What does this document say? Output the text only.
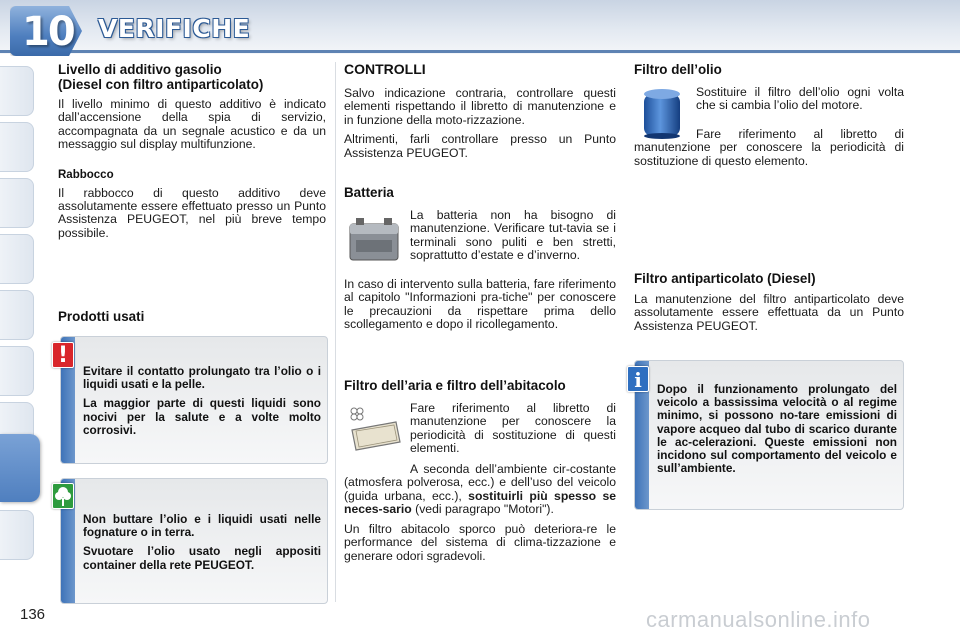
10 VERIFICHE
Livello di additivo gasolio
(Diesel con filtro antiparticolato)
Il livello minimo di questo additivo è indicato dall’accensione della spia di servizio, accompagnata da un segnale acustico e da un messaggio sul display multifunzione.
Rabbocco
Il rabbocco di questo additivo deve assolutamente essere effettuato presso un Punto Assistenza PEUGEOT, nel più breve tempo possibile.
Prodotti usati

Evitare il contatto prolungato tra l’olio o i liquidi usati e la pelle.

La maggior parte di questi liquidi sono nocivi per la salute e a volte molto corrosivi.

!

Non buttare l’olio e i liquidi usati nelle fognature o in terra.

Svuotare l’olio usato negli appositi container della rete PEUGEOT.

CONTROLLI
Salvo indicazione contraria, controllare questi elementi rispettando il libretto di manutenzione e in funzione della moto-rizzazione.
Altrimenti, farli controllare presso un Punto Assistenza PEUGEOT.
Batteria
La batteria non ha bisogno di manutenzione. Verificare tut-tavia se i terminali sono puliti e ben stretti, soprattutto d’estate e d’inverno.
In caso di intervento sulla batteria, fare riferimento al capitolo "Informazioni pra-tiche" per conoscere le precauzioni da rispettare prima dello scollegamento e dopo il ricollegamento.
Filtro dell’aria e filtro dell’abitacolo
Fare riferimento al libretto di manutenzione per conoscere la periodicità di sostituzione di questi elementi.
A seconda dell’ambiente cir-costante (atmosfera polverosa, ecc.) e dell’uso del veicolo (guida urbana, ecc.), sostituirli più spesso se neces-sario (vedi paragrapo "Motori").
Un filtro abitacolo sporco può deteriora-re le performance del sistema di clima-tizzazione e generare odori sgradevoli.
Filtro dell’olio
Sostituire il filtro dell’olio ogni volta che si cambia l’olio del motore.
Fare riferimento al libretto di manutenzione per conoscere la periodicità di sostituzione di questo elemento.
Filtro antiparticolato (Diesel)
La manutenzione del filtro antiparticolato deve assolutamente essere effettuata da un Punto Assistenza PEUGEOT.
Dopo il funzionamento prolungato del veicolo a bassissima velocità o al regime minimo, si possono no-tare emissioni di vapore acqueo dal tubo di scarico durante le ac-celerazioni. Queste emissioni non incidono sul comportamento del veicolo e sull’ambiente.
i
136	carmanualsonline.info
